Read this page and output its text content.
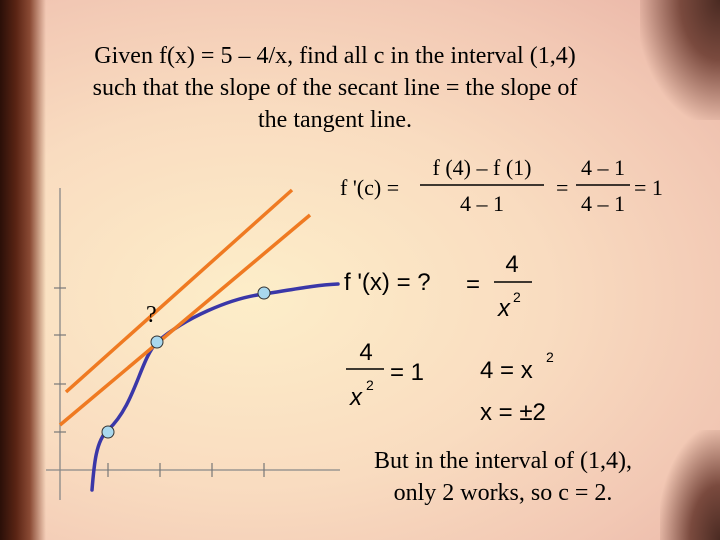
Given f(x) = 5 – 4/x, find all c in the interval (1,4)
such that the slope of the secant line = the slope of
the tangent line.
f '(c) =
f (4) – f (1)
4 – 1
=
4 – 1
4 – 1
= 1
f '(x) = ? =
4
x 2
4
x 2 = 1 4 = x 2
x = ±2
?
But in the interval of (1,4),
only 2 works, so c = 2.
